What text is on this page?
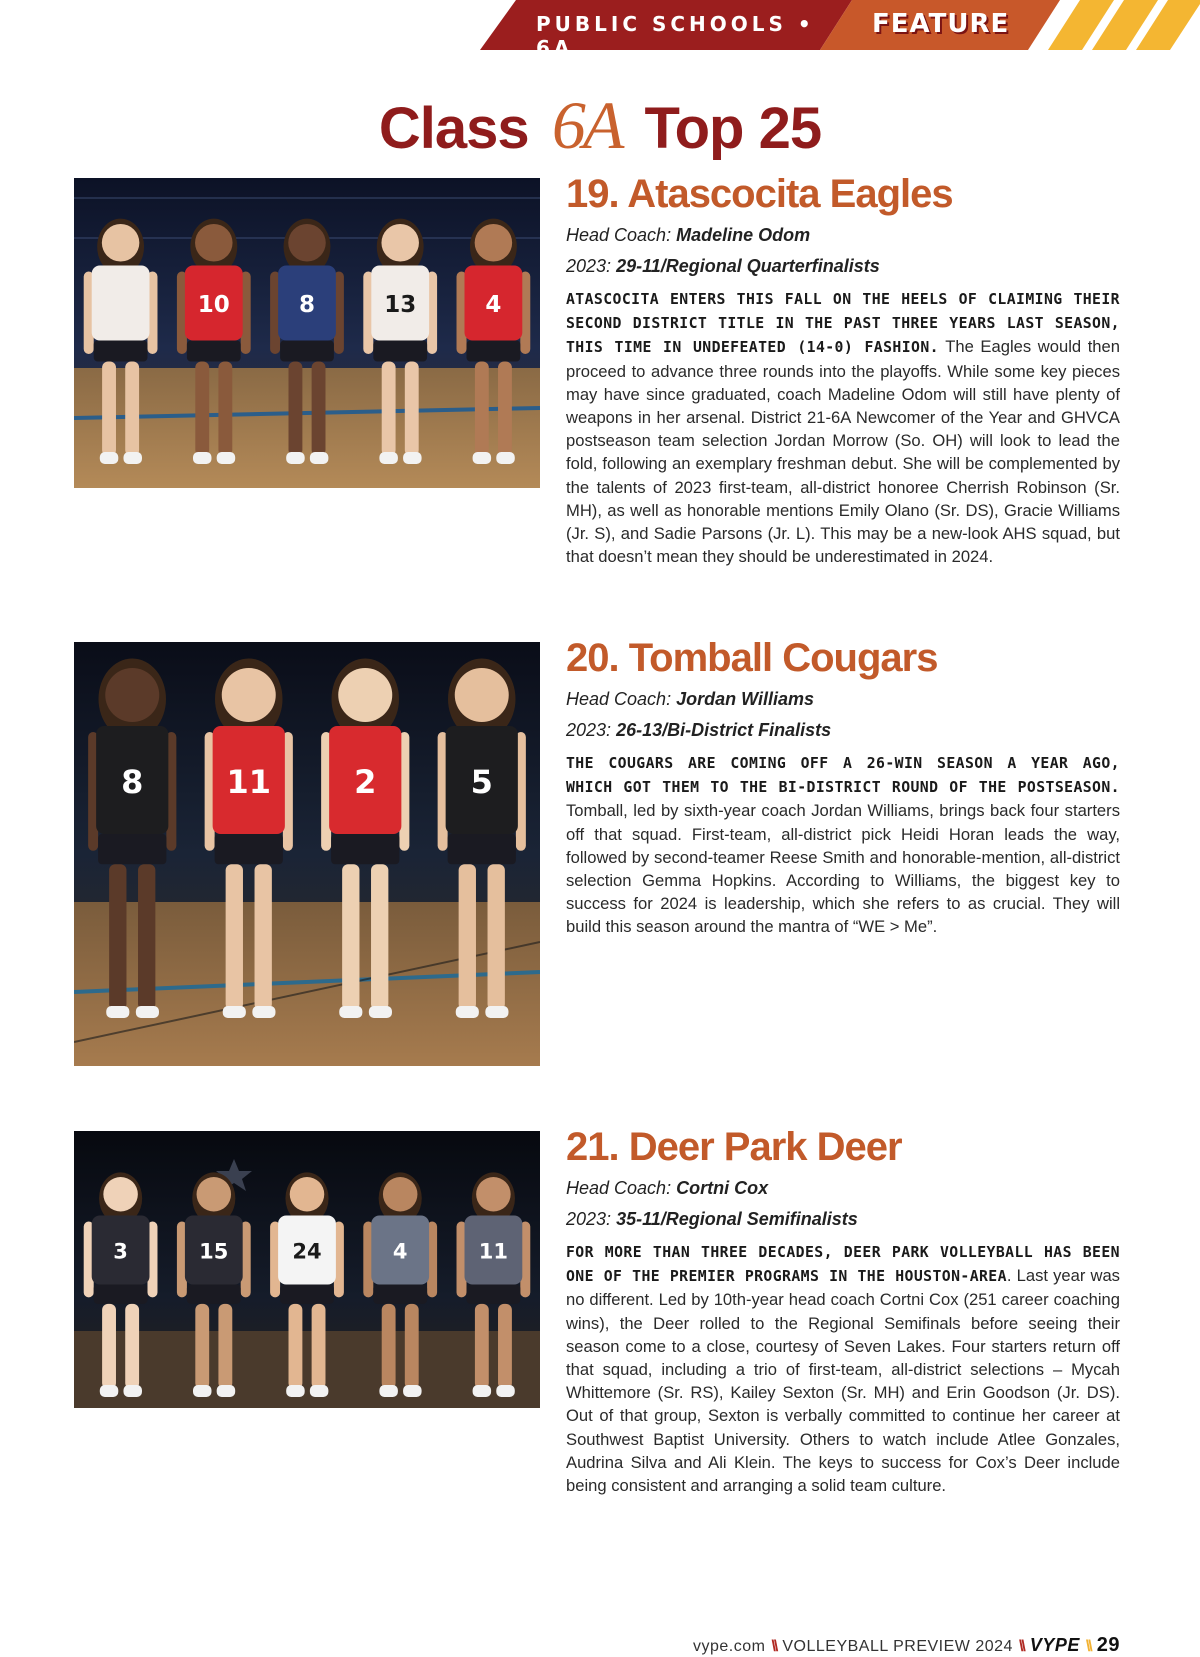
PUBLIC SCHOOLS • 6A
FEATURE
Class 6A Top 25
10	8	13	4
19. Atascocita Eagles

Head Coach: Madeline Odom

2023: 29-11/Regional Quarterfinalists

ATASCOCITA ENTERS THIS FALL ON THE HEELS OF CLAIMING THEIR SECOND DISTRICT TITLE IN THE PAST THREE YEARS LAST SEASON, THIS TIME IN UNDEFEATED (14-0) FASHION. The Eagles would then proceed to advance three rounds into the playoffs. While some key pieces may have since graduated, coach Madeline Odom will still have plenty of weapons in her arsenal. District 21-6A Newcomer of the Year and GHVCA postseason team selection Jordan Morrow (So. OH) will look to lead the fold, following an exemplary freshman debut. She will be complemented by the talents of 2023 first-team, all-district honoree Cherrish Robinson (Sr. MH), as well as honorable mentions Emily Olano (Sr. DS), Gracie Williams (Jr. S), and Sadie Parsons (Jr. L). This may be a new-look AHS squad, but that doesn’t mean they should be underestimated in 2024.

8	11	2	5
20. Tomball Cougars

Head Coach: Jordan Williams

2023: 26-13/Bi-District Finalists

THE COUGARS ARE COMING OFF A 26-WIN SEASON A YEAR AGO, WHICH GOT THEM TO THE BI-DISTRICT ROUND OF THE POSTSEASON. Tomball, led by sixth-year coach Jordan Williams, brings back four starters off that squad. First-team, all-district pick Heidi Horan leads the way, followed by second-teamer Reese Smith and honorable-mention, all-district selection Gemma Hopkins. According to Williams, the biggest key to success for 2024 is leadership, which she refers to as crucial. They will build this season around the mantra of “WE > Me”.

3	15	24	4	11
21. Deer Park Deer

Head Coach: Cortni Cox

2023: 35-11/Regional Semifinalists

FOR MORE THAN THREE DECADES, DEER PARK VOLLEYBALL HAS BEEN ONE OF THE PREMIER PROGRAMS IN THE HOUSTON-AREA. Last year was no different. Led by 10th-year head coach Cortni Cox (251 career coaching wins), the Deer rolled to the Regional Semifinals before seeing their season come to a close, courtesy of Seven Lakes. Four starters return off that squad, including a trio of first-team, all-district selections – Mycah Whittemore (Sr. RS), Kailey Sexton (Sr. MH) and Erin Goodson (Jr. DS). Out of that group, Sexton is verbally committed to continue her career at Southwest Baptist University. Others to watch include Atlee Gonzales, Audrina Silva and Ali Klein. The keys to success for Cox’s Deer include being consistent and arranging a solid team culture.

vype.com \\ VOLLEYBALL PREVIEW 2024 \\ VYPE \\ 29
